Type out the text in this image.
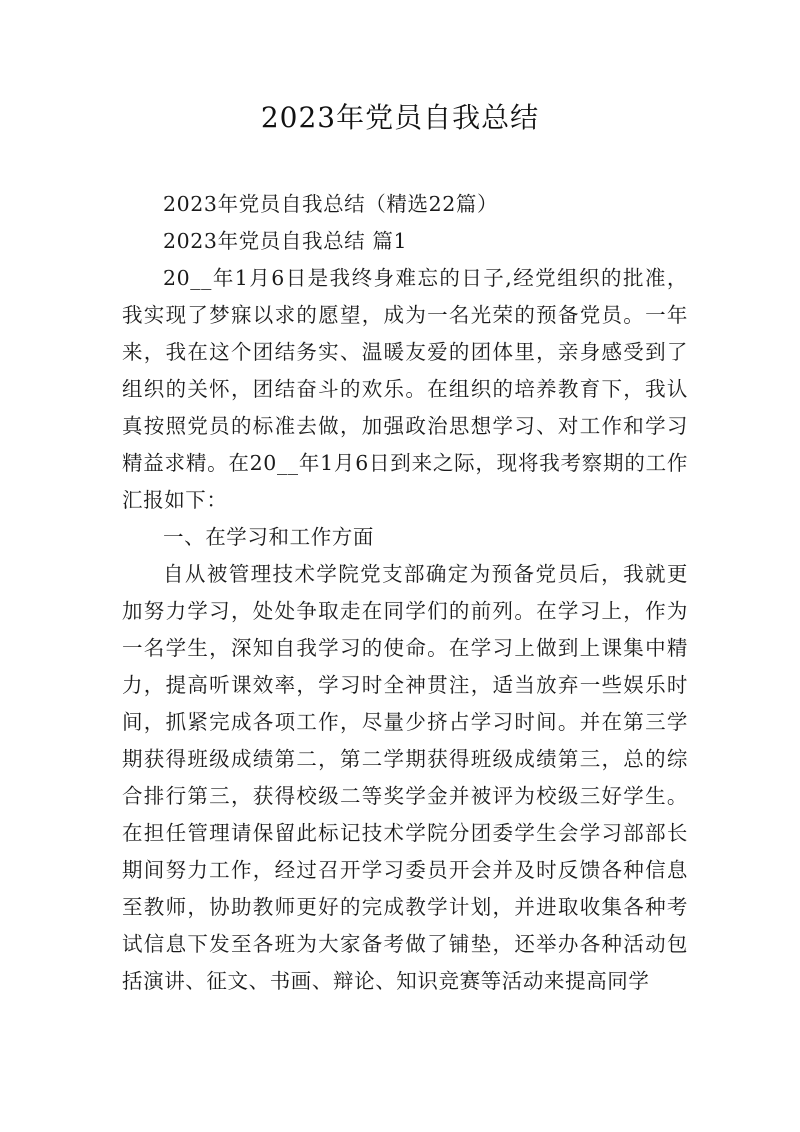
2023年党员自我总结

2023年党员自我总结（精选22篇）

2023年党员自我总结 篇1

20__年1月6日是我终身难忘的日子,经党组织的批准，我实现了梦寐以求的愿望，成为一名光荣的预备党员。一年来，我在这个团结务实、温暖友爱的团体里，亲身感受到了组织的关怀，团结奋斗的欢乐。在组织的培养教育下，我认真按照党员的标准去做，加强政治思想学习、对工作和学习精益求精。在20__年1月6日到来之际，现将我考察期的工作汇报如下：

一、在学习和工作方面

自从被管理技术学院党支部确定为预备党员后，我就更加努力学习，处处争取走在同学们的前列。在学习上，作为一名学生，深知自我学习的使命。在学习上做到上课集中精力，提高听课效率，学习时全神贯注，适当放弃一些娱乐时间，抓紧完成各项工作，尽量少挤占学习时间。并在第三学期获得班级成绩第二，第二学期获得班级成绩第三，总的综合排行第三，获得校级二等奖学金并被评为校级三好学生。在担任管理请保留此标记技术学院分团委学生会学习部部长期间努力工作，经过召开学习委员开会并及时反馈各种信息至教师，协助教师更好的完成教学计划，并进取收集各种考试信息下发至各班为大家备考做了铺垫，还举办各种活动包括演讲、征文、书画、辩论、知识竞赛等活动来提高同学
